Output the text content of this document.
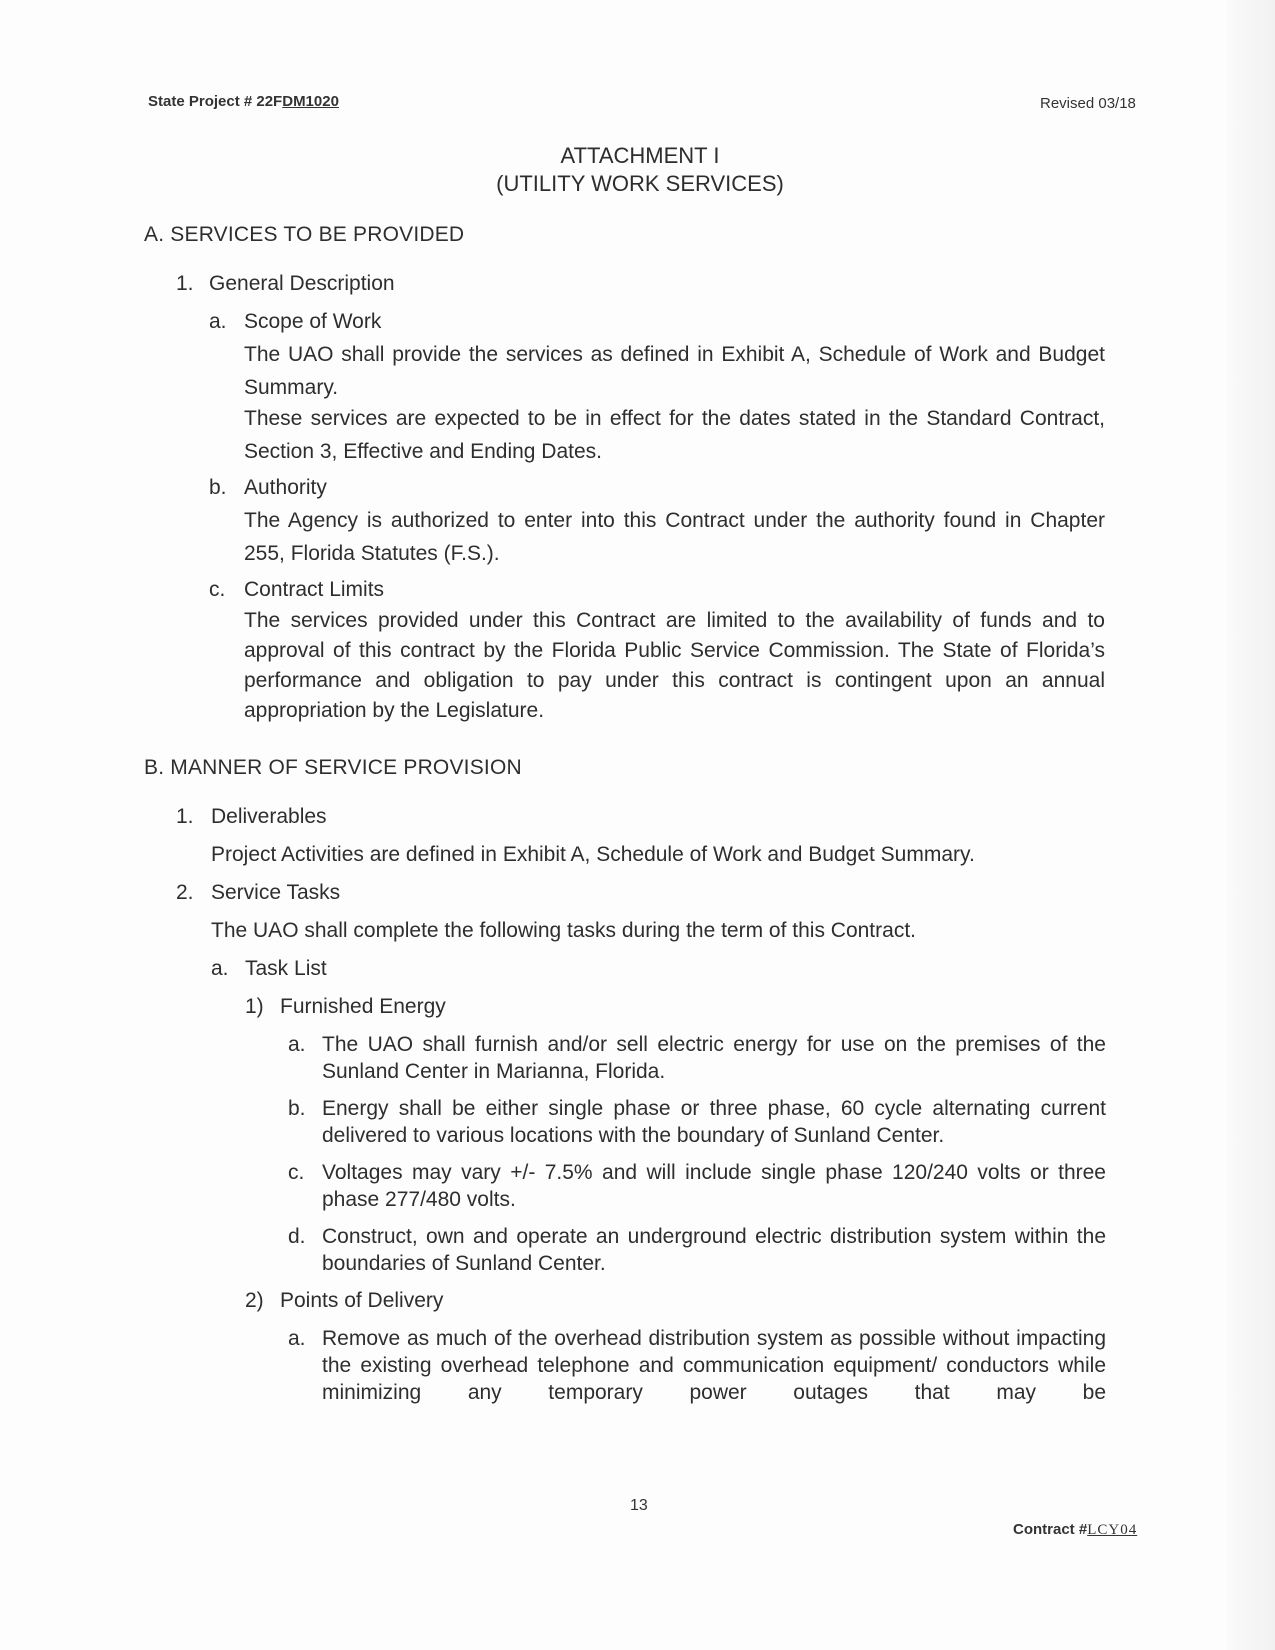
State Project # 22FDM1020	Revised 03/18
ATTACHMENT I
(UTILITY WORK SERVICES)
A. SERVICES TO BE PROVIDED
1. General Description
a. Scope of Work
The UAO shall provide the services as defined in Exhibit A, Schedule of Work and Budget Summary.
These services are expected to be in effect for the dates stated in the Standard Contract, Section 3, Effective and Ending Dates.
b. Authority
The Agency is authorized to enter into this Contract under the authority found in Chapter 255, Florida Statutes (F.S.).
c. Contract Limits
The services provided under this Contract are limited to the availability of funds and to approval of this contract by the Florida Public Service Commission. The State of Florida’s performance and obligation to pay under this contract is contingent upon an annual appropriation by the Legislature.
B. MANNER OF SERVICE PROVISION
1. Deliverables
Project Activities are defined in Exhibit A, Schedule of Work and Budget Summary.
2. Service Tasks
The UAO shall complete the following tasks during the term of this Contract.
a. Task List
1) Furnished Energy
a. The UAO shall furnish and/or sell electric energy for use on the premises of the Sunland Center in Marianna, Florida.
b. Energy shall be either single phase or three phase, 60 cycle alternating current delivered to various locations with the boundary of Sunland Center.
c. Voltages may vary +/- 7.5% and will include single phase 120/240 volts or three phase 277/480 volts.
d. Construct, own and operate an underground electric distribution system within the boundaries of Sunland Center.
2) Points of Delivery
a. Remove as much of the overhead distribution system as possible without impacting the existing overhead telephone and communication equipment/ conductors while minimizing any temporary power outages that may be
13
Contract #LCY04
